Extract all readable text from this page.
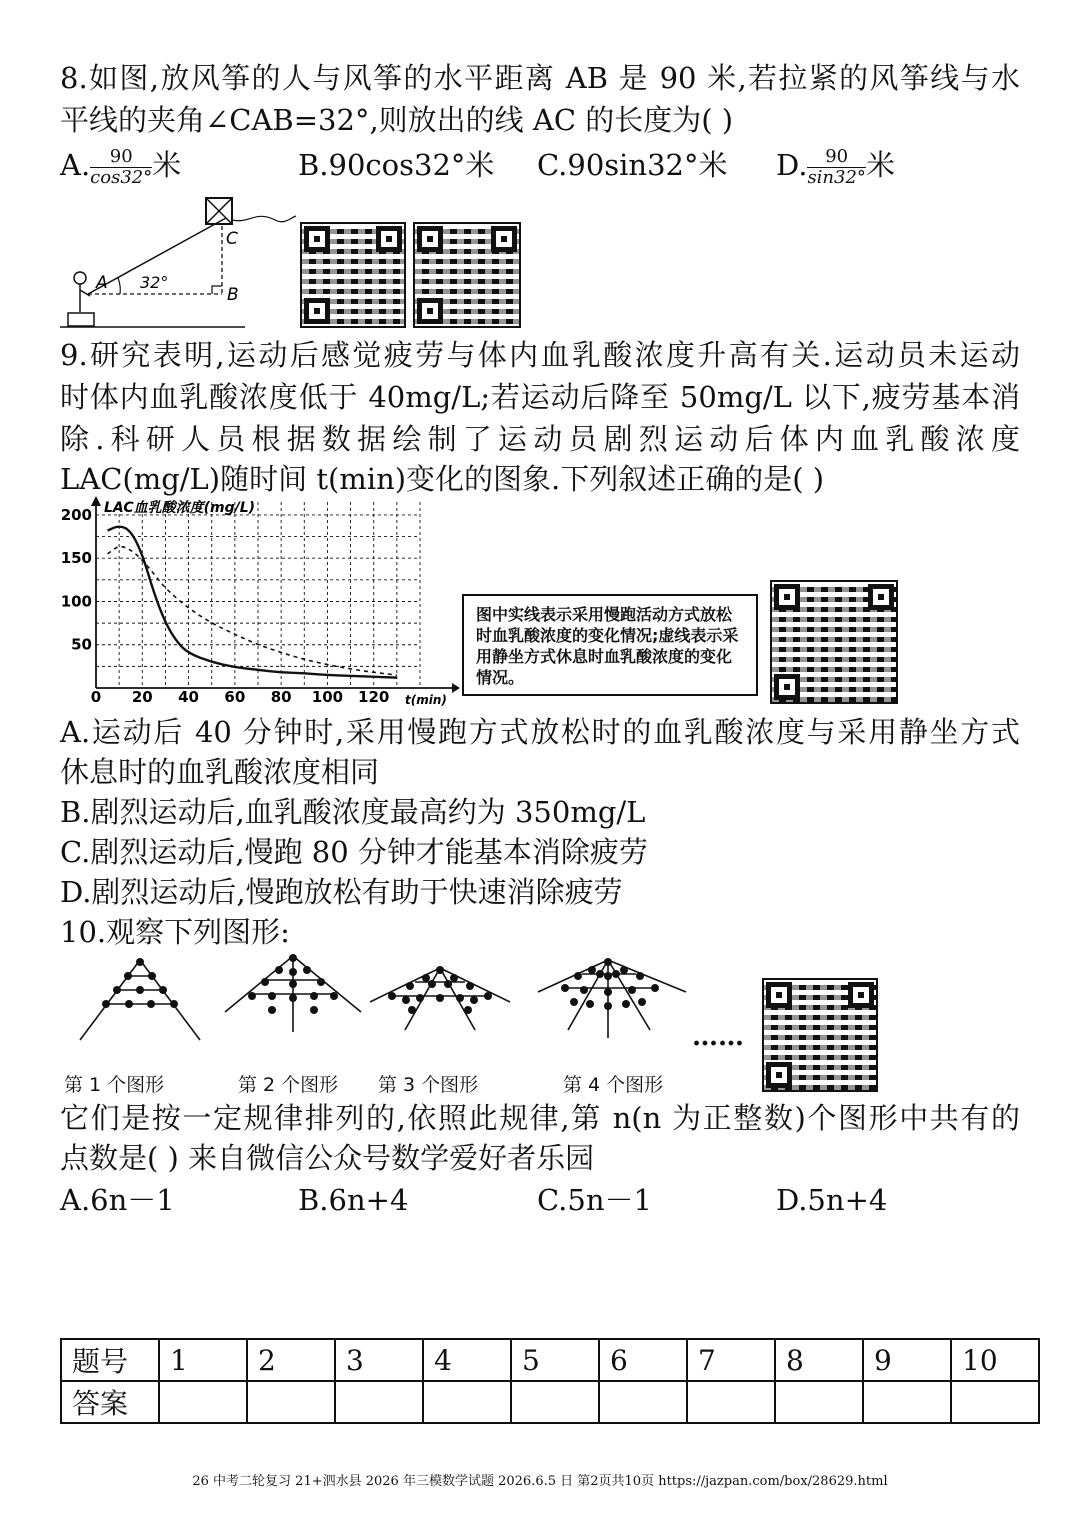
8.如图,放风筝的人与风筝的水平距离 AB 是 90 米,若拉紧的风筝线与水
平线的夹角∠CAB=32°,则放出的线 AC 的长度为( )
A. $\frac{90}{\cos 32^\circ}$ 米	B.90cos32°米 C.90sin32°米 D. $\frac{90}{\sin 32^\circ}$ 米
A
B
C
32°
9.研究表明,运动后感觉疲劳与体内血乳酸浓度升高有关.运动员未运动
时体内血乳酸浓度低于 40mg/L;若运动后降至 50mg/L 以下,疲劳基本消
除.科研人员根据数据绘制了运动员剧烈运动后体内血乳酸浓度
LAC(mg/L)随时间 t(min)变化的图象.下列叙述正确的是( )
LAC血乳酸浓度(mg/L)
t(min)
0 20 40 60 80 100 120
50
100
150
200
图中实线表示采用慢跑活动方式放松时血乳酸浓度的变化情况;虚线表示采用静坐方式休息时血乳酸浓度的变化情况。
A.运动后 40 分钟时,采用慢跑方式放松时的血乳酸浓度与采用静坐方式
休息时的血乳酸浓度相同
B.剧烈运动后,血乳酸浓度最高约为 350mg/L
C.剧烈运动后,慢跑 80 分钟才能基本消除疲劳
D.剧烈运动后,慢跑放松有助于快速消除疲劳
10.观察下列图形:
……
第 1 个图形	第 2 个图形 第 3 个图形	第 4 个图形
它们是按一定规律排列的,依照此规律,第 n(n 为正整数)个图形中共有的
点数是( ) 来自微信公众号数学爱好者乐园
A.6n－1	B.6n+4	C.5n－1	D.5n+4
题号	1	2	3	4	5	6	7	8	9	10
答案										
26 中考二轮复习 21+泗水县 2026 年三模数学试题 2026.6.5 日 第2页共10页 https://jazpan.com/box/28629.html
